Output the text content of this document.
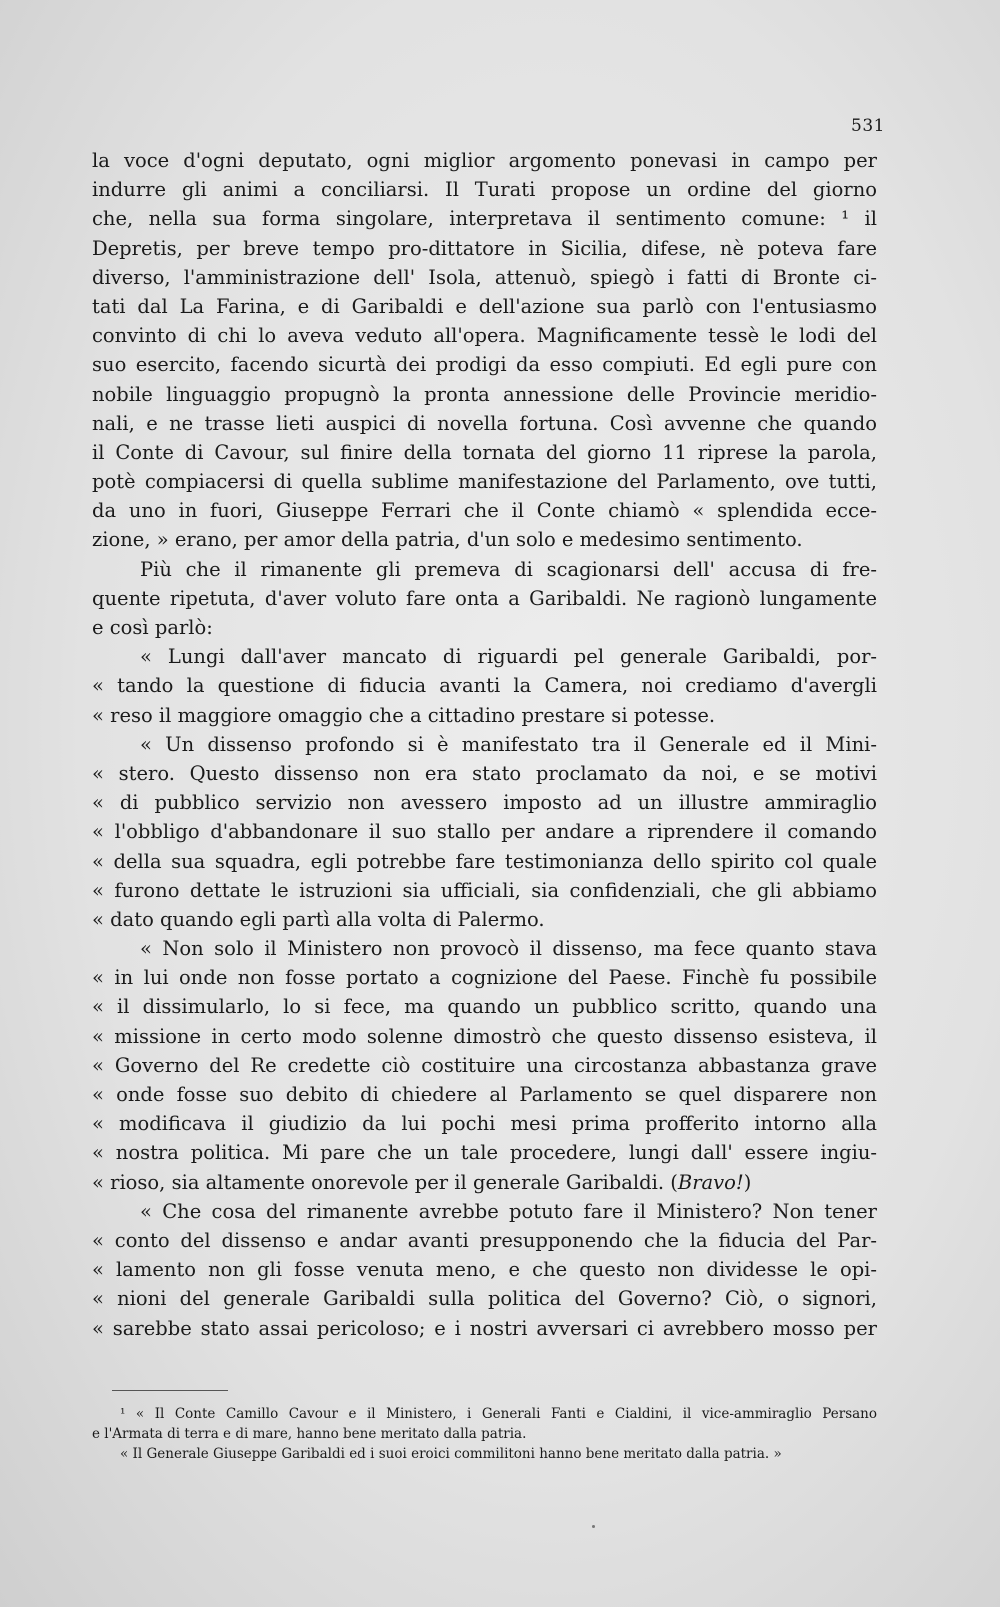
531
la voce d'ogni deputato, ogni miglior argomento ponevasi in campo per
indurre gli animi a conciliarsi. Il Turati propose un ordine del giorno
che, nella sua forma singolare, interpretava il sentimento comune: ¹ il
Depretis, per breve tempo pro-dittatore in Sicilia, difese, nè poteva fare
diverso, l'amministrazione dell' Isola, attenuò, spiegò i fatti di Bronte ci-
tati dal La Farina, e di Garibaldi e dell'azione sua parlò con l'entusiasmo
convinto di chi lo aveva veduto all'opera. Magnificamente tessè le lodi del
suo esercito, facendo sicurtà dei prodigi da esso compiuti. Ed egli pure con
nobile linguaggio propugnò la pronta annessione delle Provincie meridio-
nali, e ne trasse lieti auspici di novella fortuna. Così avvenne che quando
il Conte di Cavour, sul finire della tornata del giorno 11 riprese la parola,
potè compiacersi di quella sublime manifestazione del Parlamento, ove tutti,
da uno in fuori, Giuseppe Ferrari che il Conte chiamò « splendida ecce-
zione, » erano, per amor della patria, d'un solo e medesimo sentimento.
Più che il rimanente gli premeva di scagionarsi dell' accusa di fre-
quente ripetuta, d'aver voluto fare onta a Garibaldi. Ne ragionò lungamente
e così parlò:
« Lungi dall'aver mancato di riguardi pel generale Garibaldi, por-
« tando la questione di fiducia avanti la Camera, noi crediamo d'avergli
« reso il maggiore omaggio che a cittadino prestare si potesse.
« Un dissenso profondo si è manifestato tra il Generale ed il Mini-
« stero. Questo dissenso non era stato proclamato da noi, e se motivi
« di pubblico servizio non avessero imposto ad un illustre ammiraglio
« l'obbligo d'abbandonare il suo stallo per andare a riprendere il comando
« della sua squadra, egli potrebbe fare testimonianza dello spirito col quale
« furono dettate le istruzioni sia ufficiali, sia confidenziali, che gli abbiamo
« dato quando egli partì alla volta di Palermo.
« Non solo il Ministero non provocò il dissenso, ma fece quanto stava
« in lui onde non fosse portato a cognizione del Paese. Finchè fu possibile
« il dissimularlo, lo si fece, ma quando un pubblico scritto, quando una
« missione in certo modo solenne dimostrò che questo dissenso esisteva, il
« Governo del Re credette ciò costituire una circostanza abbastanza grave
« onde fosse suo debito di chiedere al Parlamento se quel disparere non
« modificava il giudizio da lui pochi mesi prima profferito intorno alla
« nostra politica. Mi pare che un tale procedere, lungi dall' essere ingiu-
« rioso, sia altamente onorevole per il generale Garibaldi. (Bravo!)
« Che cosa del rimanente avrebbe potuto fare il Ministero? Non tener
« conto del dissenso e andar avanti presupponendo che la fiducia del Par-
« lamento non gli fosse venuta meno, e che questo non dividesse le opi-
« nioni del generale Garibaldi sulla politica del Governo? Ciò, o signori,
« sarebbe stato assai pericoloso; e i nostri avversari ci avrebbero mosso per
¹ « Il Conte Camillo Cavour e il Ministero, i Generali Fanti e Cialdini, il vice-ammiraglio Persano
e l'Armata di terra e di mare, hanno bene meritato dalla patria.
« Il Generale Giuseppe Garibaldi ed i suoi eroici commilitoni hanno bene meritato dalla patria. »
